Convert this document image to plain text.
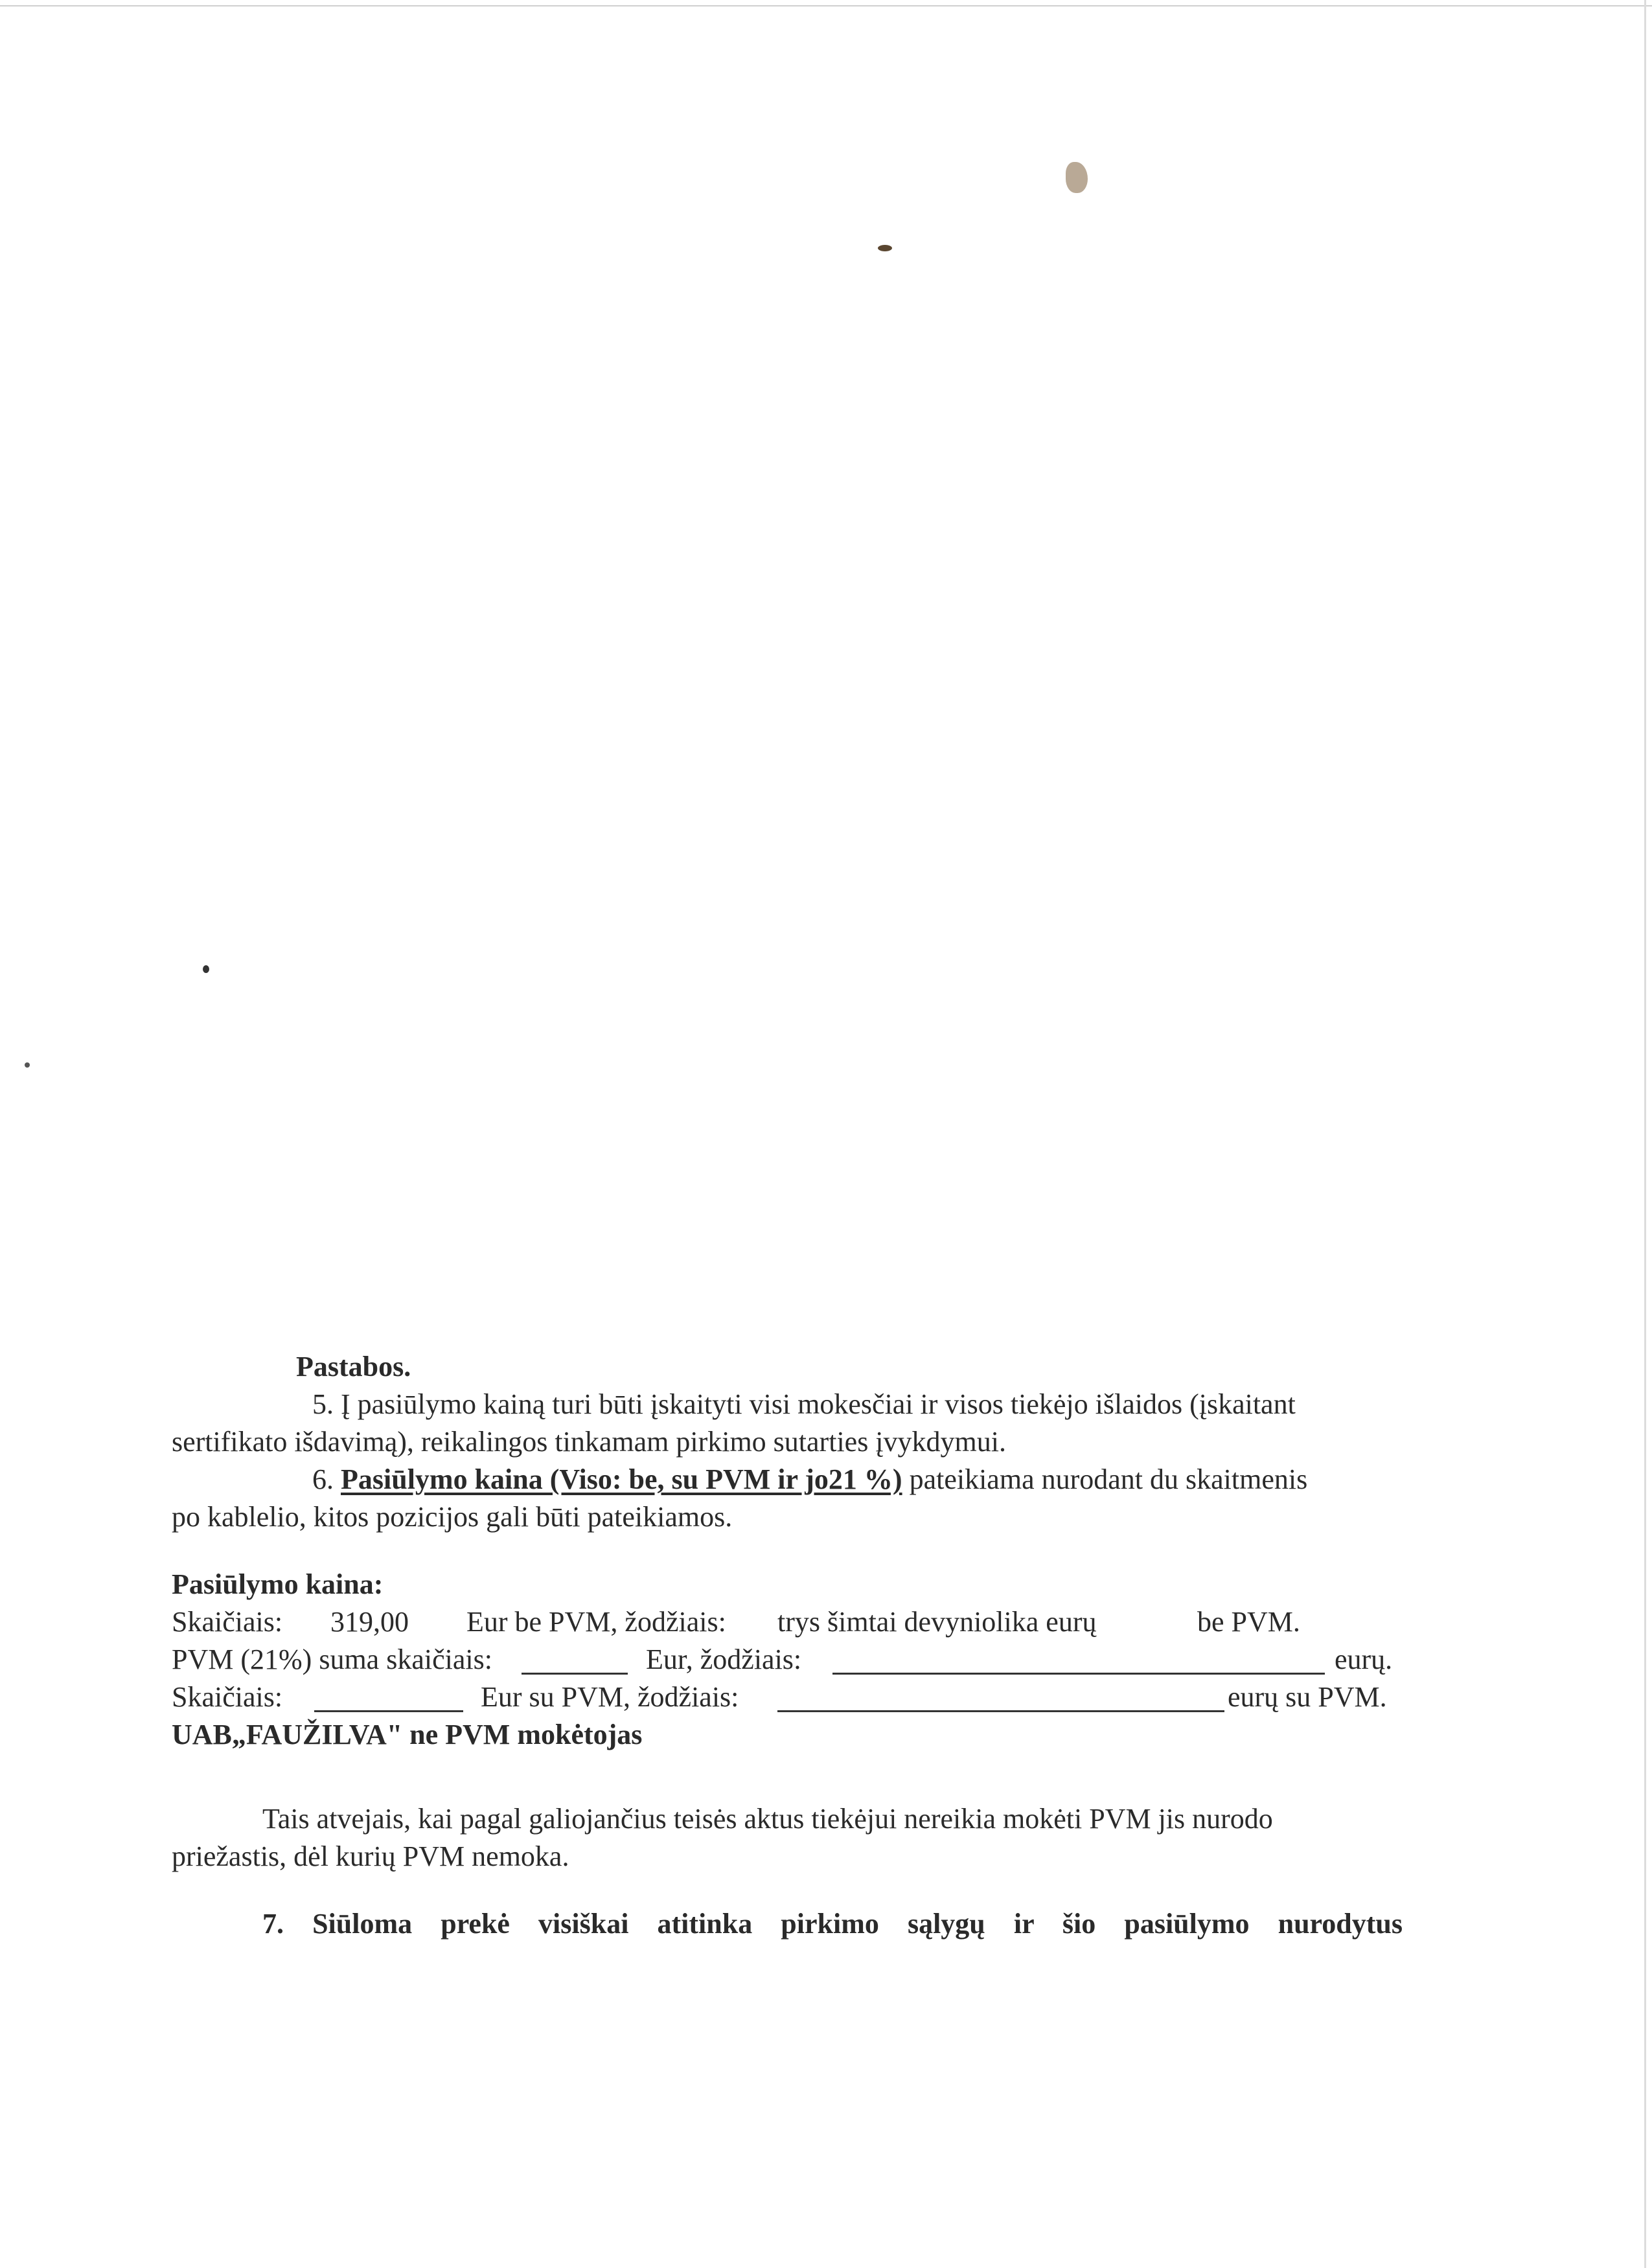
Pastabos.
5. Į pasiūlymo kainą turi būti įskaityti visi mokesčiai ir visos tiekėjo išlaidos (įskaitant
sertifikato išdavimą), reikalingos tinkamam pirkimo sutarties įvykdymui.
6. Pasiūlymo kaina (Viso: be, su PVM ir jo21 %) pateikiama nurodant du skaitmenis
po kablelio, kitos pozicijos gali būti pateikiamos.
Pasiūlymo kaina:
Skaičiais: 319,00 Eur be PVM, žodžiais: trys šimtai devyniolika eurų	be PVM.
PVM (21%) suma skaičiais:	Eur, žodžiais:	eurų.
Skaičiais:	Eur su PVM, žodžiais:	eurų su PVM.
UAB„FAUŽILVA" ne PVM mokėtojas
Tais atvejais, kai pagal galiojančius teisės aktus tiekėjui nereikia mokėti PVM jis nurodo
priežastis, dėl kurių PVM nemoka.
7. Siūloma prekė visiškai atitinka pirkimo sąlygų ir šio pasiūlymo nurodytus
